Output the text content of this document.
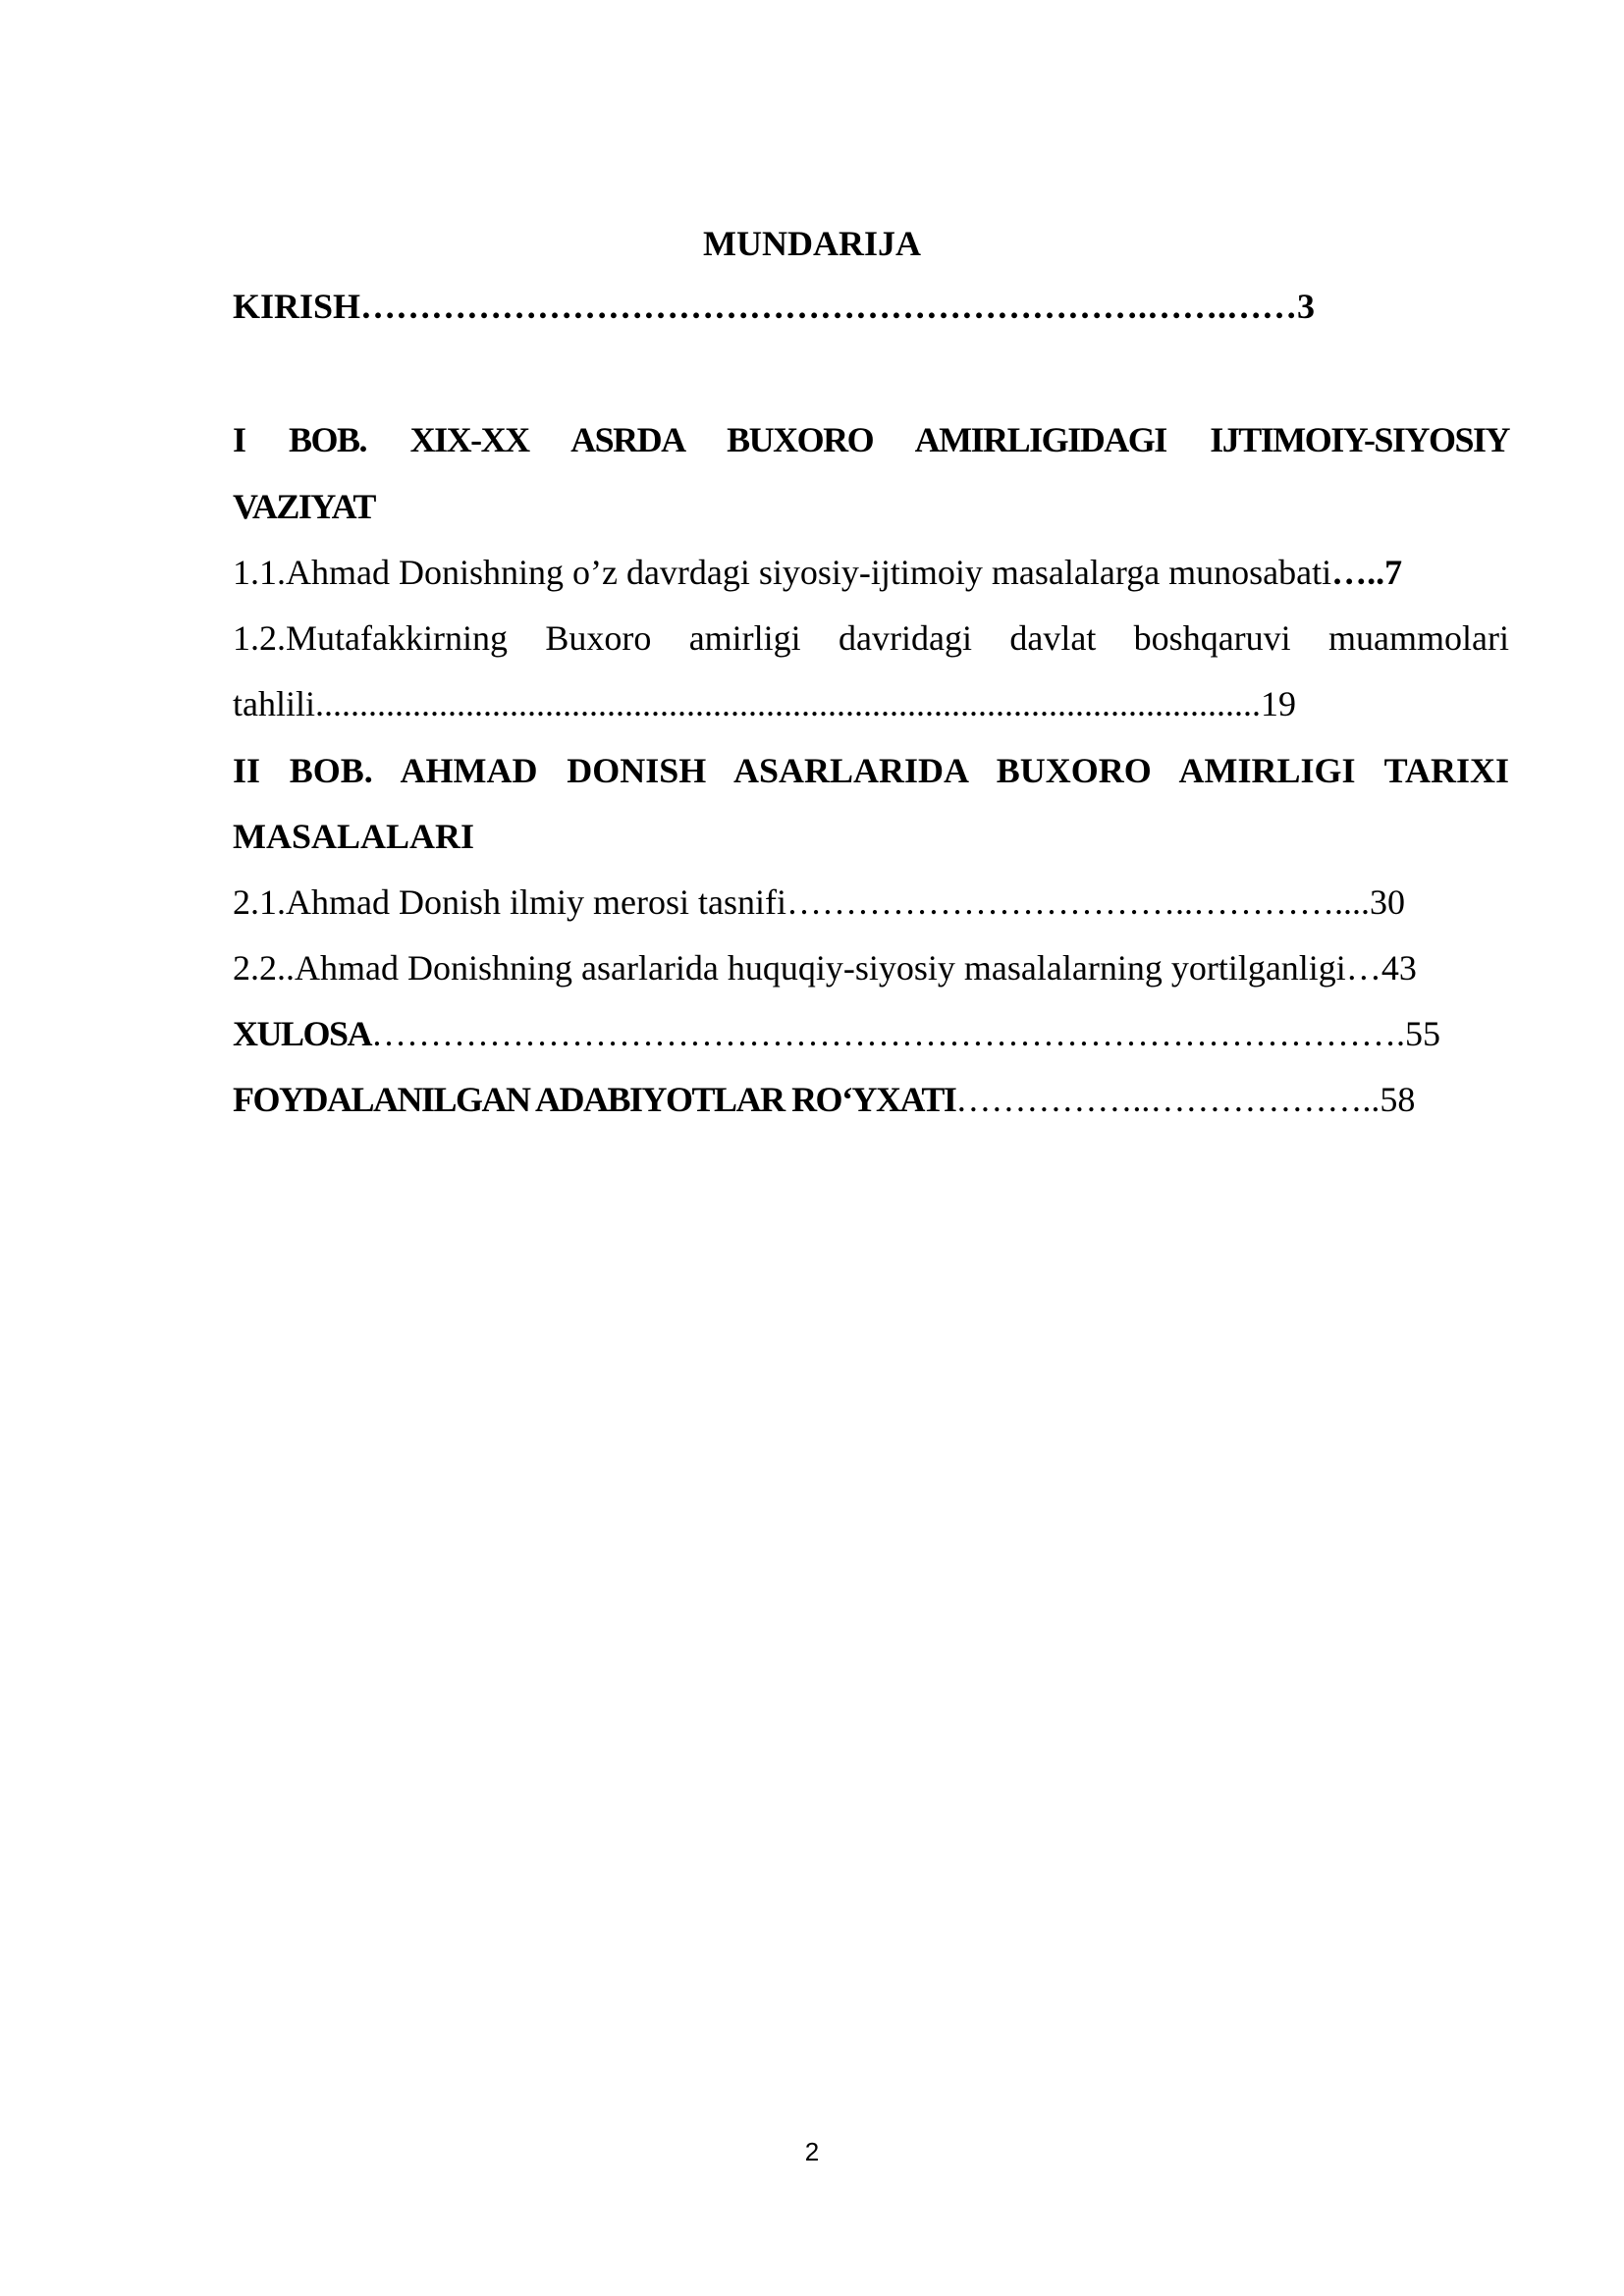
MUNDARIJA
KIRISH………………………………………………………….…….……3
I BOB. XIX-XX ASRDA BUXORO AMIRLIGIDAGI IJTIMOIY-SIYOSIY
VAZIYAT
1.1.Ahmad Donishning o’z davrdagi siyosiy-ijtimoiy masalalarga munosabati…..7
1.2.Mutafakkirning Buxoro amirligi davridagi davlat boshqaruvi muammolari
tahlili...........................................................................................................19
II BOB. AHMAD DONISH ASARLARIDA BUXORO AMIRLIGI TARIXI
MASALALARI
2.1.Ahmad Donish ilmiy merosi tasnifi……………………………..…………....30
2.2..Ahmad Donishning asarlarida huquqiy-siyosiy masalalarning yortilganligi…43
XULOSA…………………………………………………………………………….55
FOYDALANILGAN ADABIYOTLAR RO‘YXATI……………..………………..58
2
